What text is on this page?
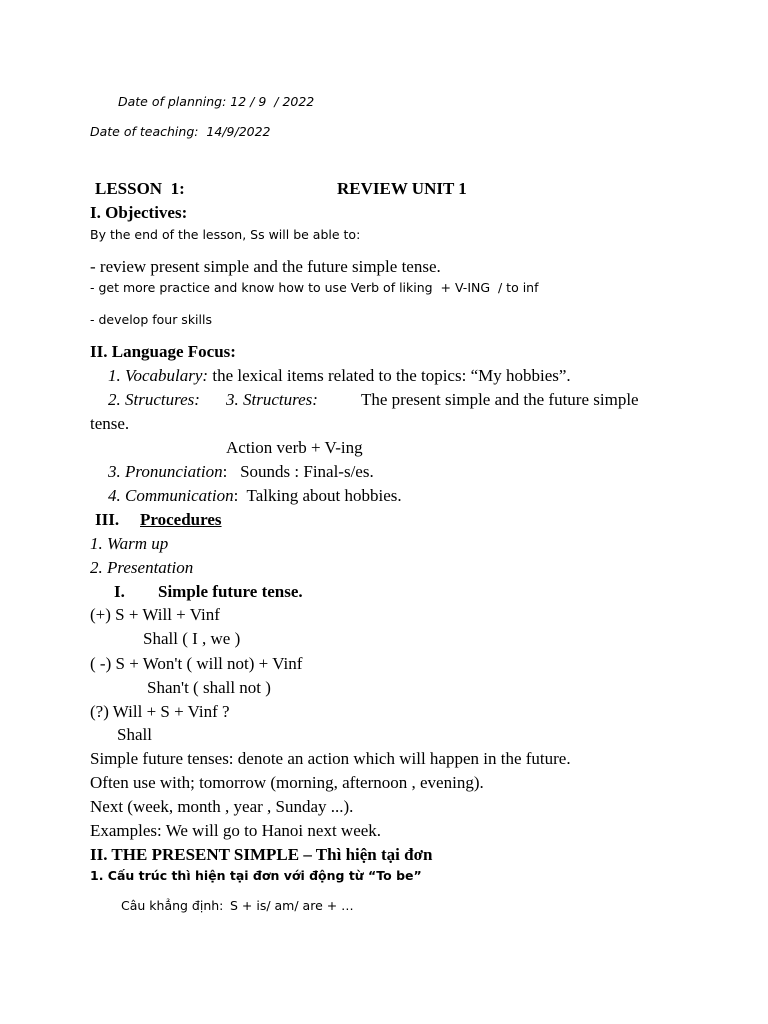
Date of planning: 12 / 9  / 2022
Date of teaching:  14/9/2022
LESSON  1:	REVIEW UNIT 1
I. Objectives:
By the end of the lesson, Ss will be able to:
- review present simple and the future simple tense.
- get more practice and know how to use Verb of liking  + V-ING  / to inf
- develop four skills
II. Language Focus:
1. Vocabulary: the lexical items related to the topics: “My hobbies”.
2. Structures: 3. Structures:	The present simple and the future simple
tense.
Action verb + V-ing
3. Pronunciation:   Sounds : Final-s/es.
4. Communication:  Talking about hobbies.
III. Procedures
1. Warm up
2. Presentation
I. Simple future tense.
(+) S + Will + Vinf
Shall ( I , we )
( -) S + Won't ( will not) + Vinf
Shan't ( shall not )
(?) Will + S + Vinf ?
Shall
Simple future tenses: denote an action which will happen in the future.
Often use with; tomorrow (morning, afternoon , evening).
Next (week, month , year , Sunday ...).
Examples: We will go to Hanoi next week.
II. THE PRESENT SIMPLE – Thì hiện tại đơn
1. Cấu trúc thì hiện tại đơn với động từ “To be”
Câu khẳng định: S + is/ am/ are + …
